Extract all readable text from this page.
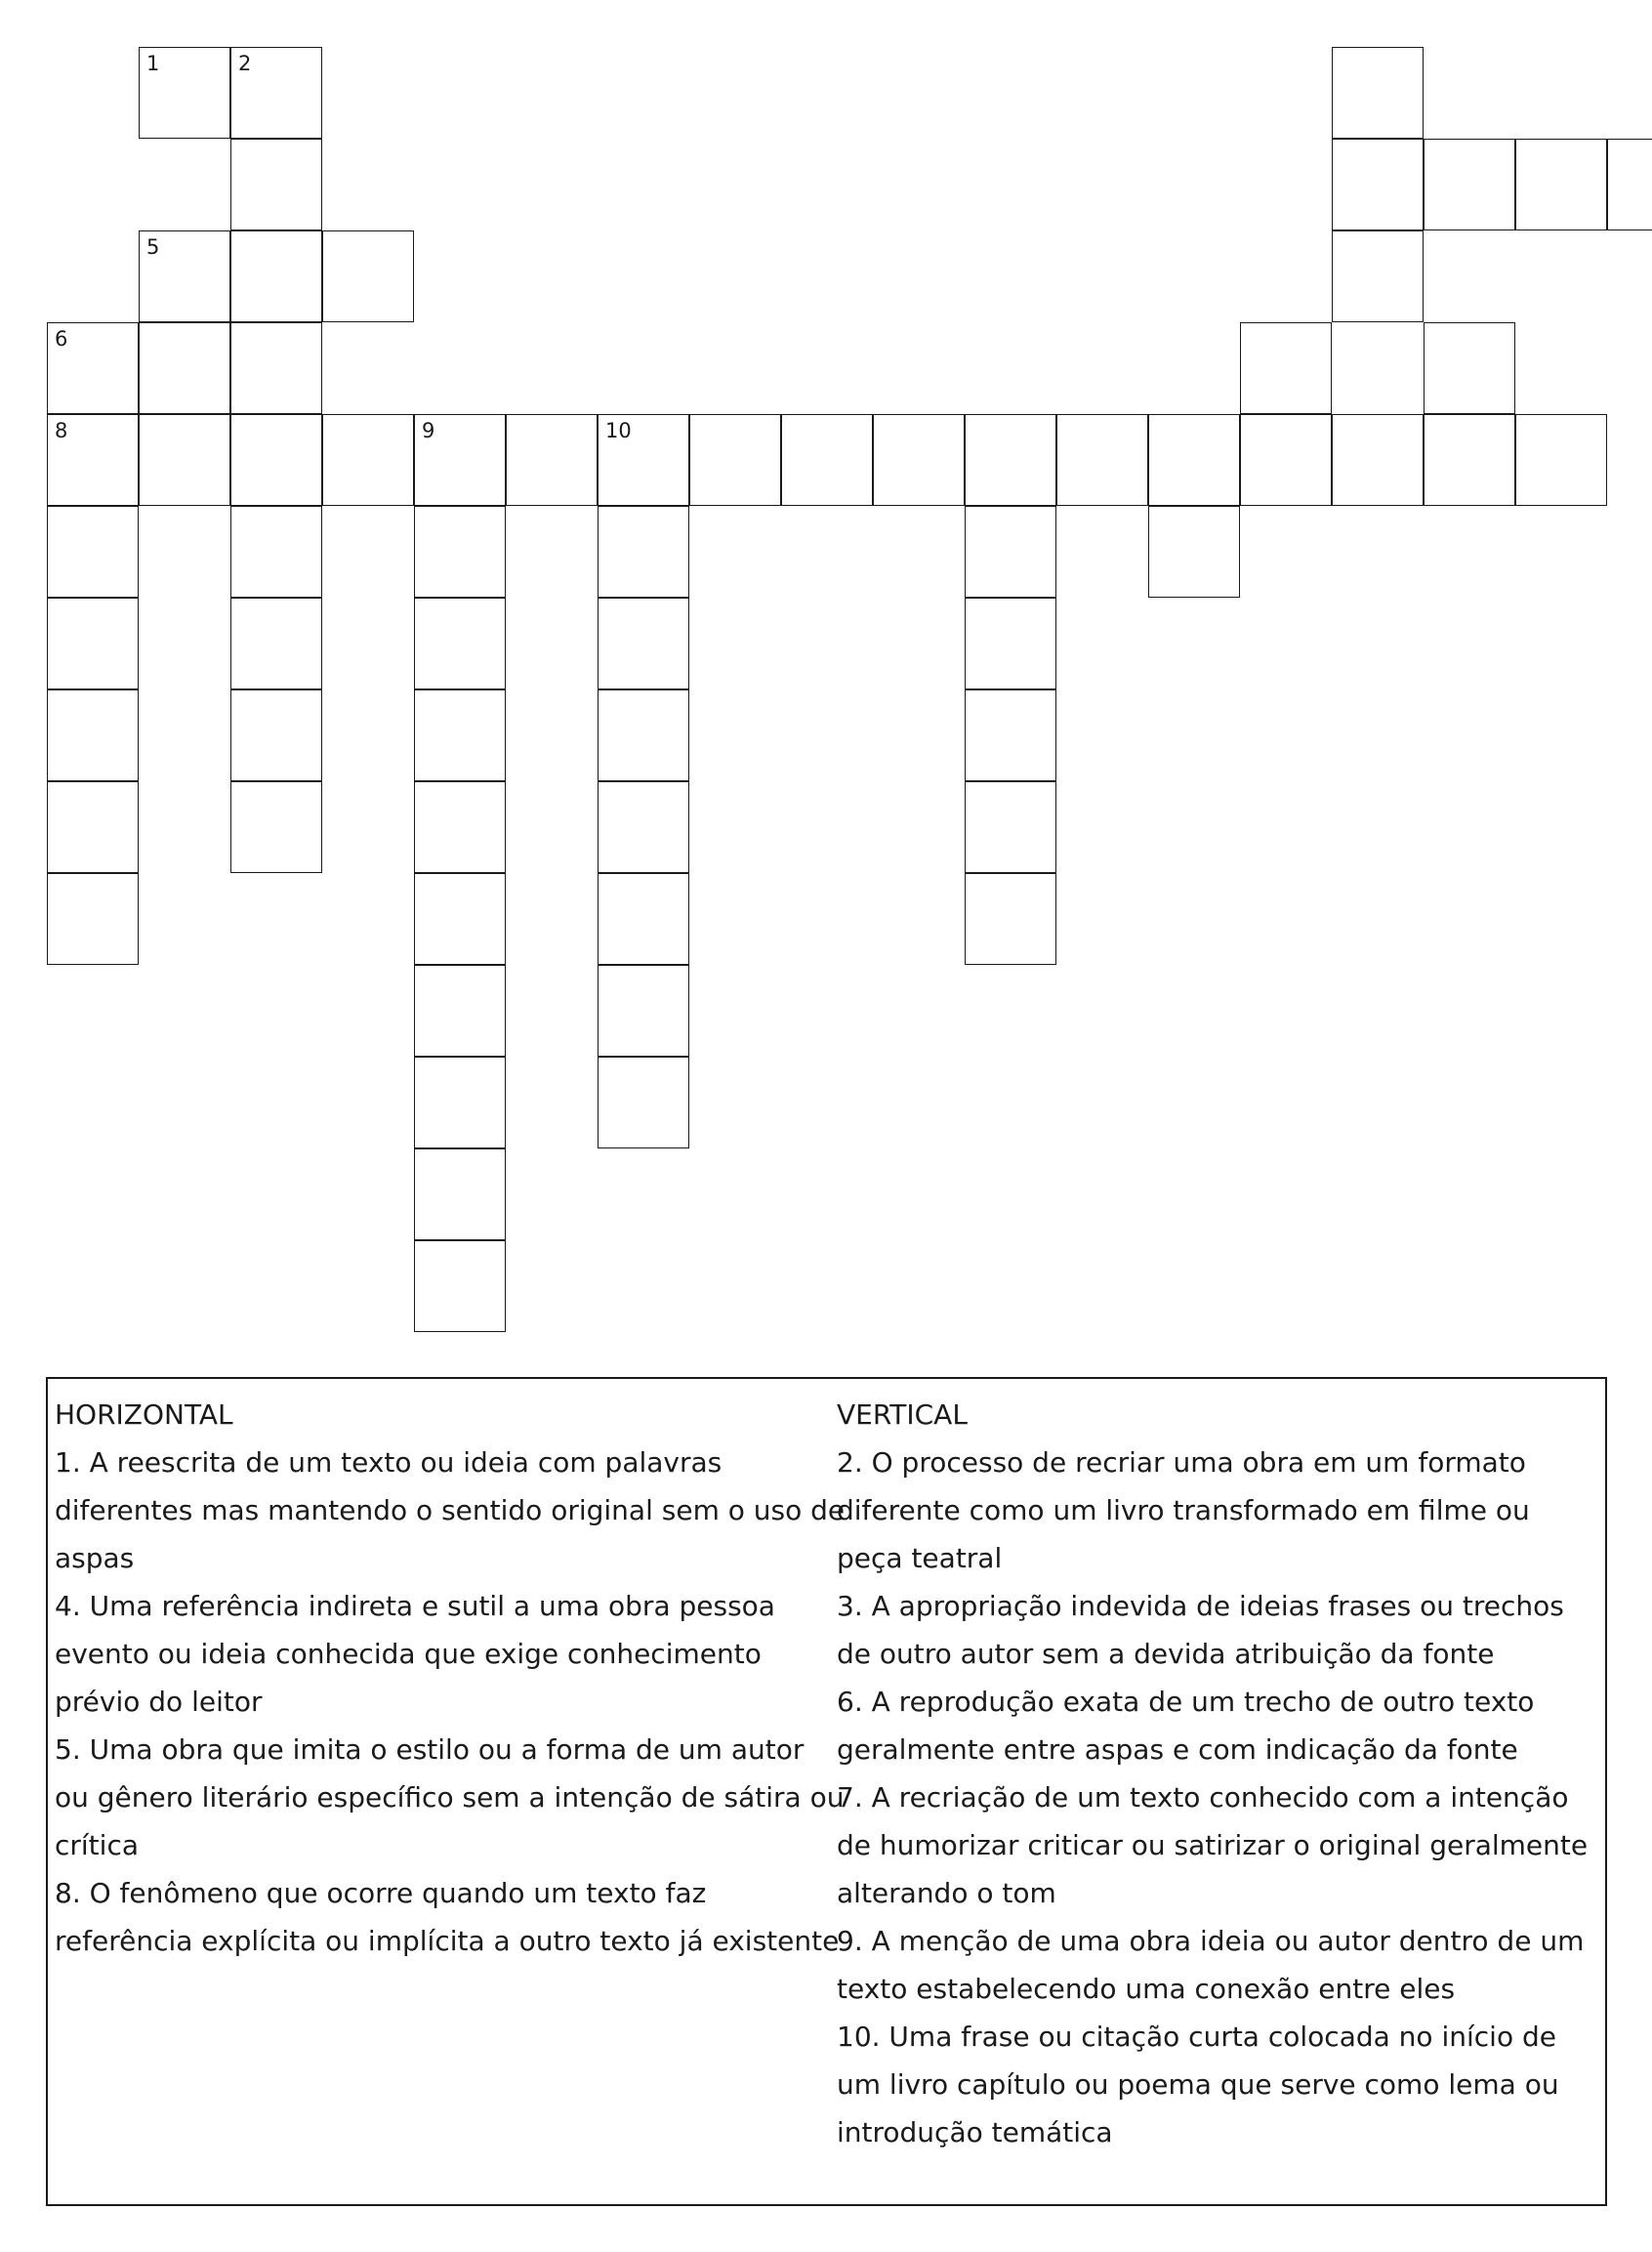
1	2
5
6
8	9	10

HORIZONTAL

1. A reescrita de um texto ou ideia com palavras diferentes mas mantendo o sentido original sem o uso de aspas

4. Uma referência indireta e sutil a uma obra pessoa evento ou ideia conhecida que exige conhecimento prévio do leitor

5. Uma obra que imita o estilo ou a forma de um autor ou gênero literário específico sem a intenção de sátira ou crítica

8. O fenômeno que ocorre quando um texto faz referência explícita ou implícita a outro texto já existente

VERTICAL

2. O processo de recriar uma obra em um formato diferente como um livro transformado em filme ou peça teatral

3. A apropriação indevida de ideias frases ou trechos de outro autor sem a devida atribuição da fonte

6. A reprodução exata de um trecho de outro texto geralmente entre aspas e com indicação da fonte

7. A recriação de um texto conhecido com a intenção de humorizar criticar ou satirizar o original geralmente alterando o tom

9. A menção de uma obra ideia ou autor dentro de um texto estabelecendo uma conexão entre eles

10. Uma frase ou citação curta colocada no início de um livro capítulo ou poema que serve como lema ou introdução temática
